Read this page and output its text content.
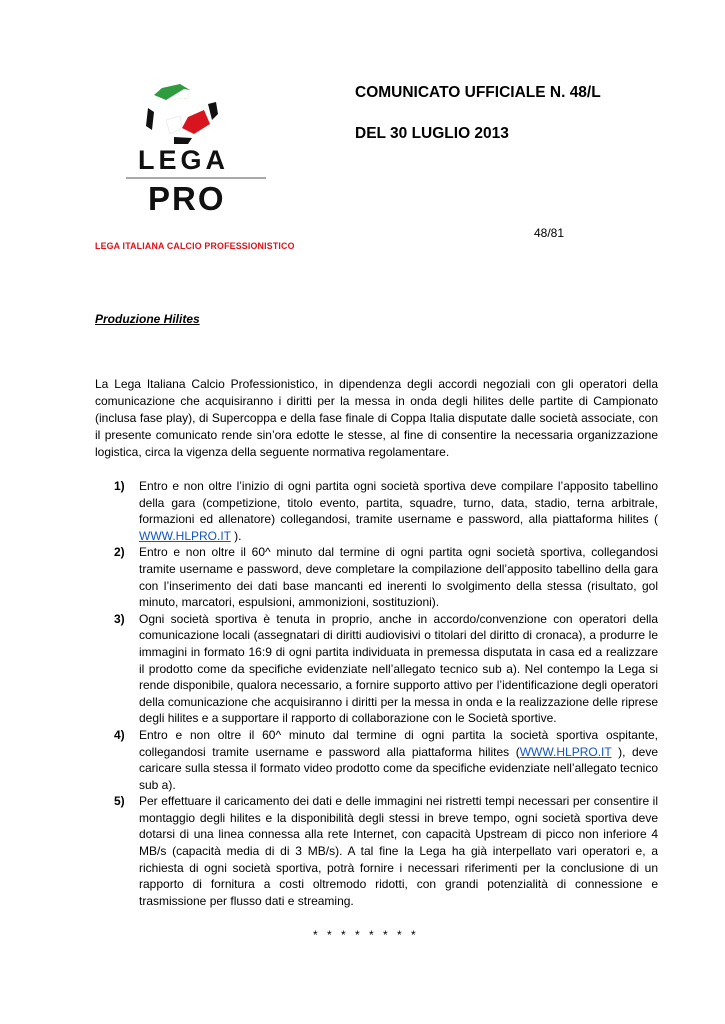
LEGA
PRO
COMUNICATO UFFICIALE N. 48/L
DEL 30 LUGLIO 2013
48/81
LEGA ITALIANA CALCIO PROFESSIONISTICO
Produzione Hilites
La Lega Italiana Calcio Professionistico, in dipendenza degli accordi negoziali con gli operatori della comunicazione che acquisiranno i diritti per la messa in onda degli hilites delle partite di Campionato (inclusa fase play), di Supercoppa e della fase finale di Coppa Italia disputate dalle società associate, con il presente comunicato rende sin’ora edotte le stesse, al fine di consentire la necessaria organizzazione logistica, circa la vigenza della seguente normativa regolamentare.
1) Entro e non oltre l’inizio di ogni partita ogni società sportiva deve compilare l’apposito tabellino della gara (competizione, titolo evento, partita, squadre, turno, data, stadio, terna arbitrale, formazioni ed allenatore) collegandosi, tramite username e password, alla piattaforma hilites ( WWW.HLPRO.IT ).
2) Entro e non oltre il 60^ minuto dal termine di ogni partita ogni società sportiva, collegandosi tramite username e password, deve completare la compilazione dell’apposito tabellino della gara con l’inserimento dei dati base mancanti ed inerenti lo svolgimento della stessa (risultato, gol minuto, marcatori, espulsioni, ammonizioni, sostituzioni).
3) Ogni società sportiva è tenuta in proprio, anche in accordo/convenzione con operatori della comunicazione locali (assegnatari di diritti audiovisivi o titolari del diritto di cronaca), a produrre le immagini in formato 16:9 di ogni partita individuata in premessa disputata in casa ed a realizzare il prodotto come da specifiche evidenziate nell’allegato tecnico sub a). Nel contempo la Lega si rende disponibile, qualora necessario, a fornire supporto attivo per l’identificazione degli operatori della comunicazione che acquisiranno i diritti per la messa in onda e la realizzazione delle riprese degli hilites e a supportare il rapporto di collaborazione con le Società sportive.
4) Entro e non oltre il 60^ minuto dal termine di ogni partita la società sportiva ospitante, collegandosi tramite username e password alla piattaforma hilites (WWW.HLPRO.IT ), deve caricare sulla stessa il formato video prodotto come da specifiche evidenziate nell’allegato tecnico sub a).
5) Per effettuare il caricamento dei dati e delle immagini nei ristretti tempi necessari per consentire il montaggio degli hilites e la disponibilità degli stessi in breve tempo, ogni società sportiva deve dotarsi di una linea connessa alla rete Internet, con capacità Upstream di picco non inferiore 4 MB/s (capacità media di di 3 MB/s). A tal fine la Lega ha già interpellato vari operatori e, a richiesta di ogni società sportiva, potrà fornire i necessari riferimenti per la conclusione di un rapporto di fornitura a costi oltremodo ridotti, con grandi potenzialità di connessione e trasmissione per flusso dati e streaming.
* * * * * * * *
